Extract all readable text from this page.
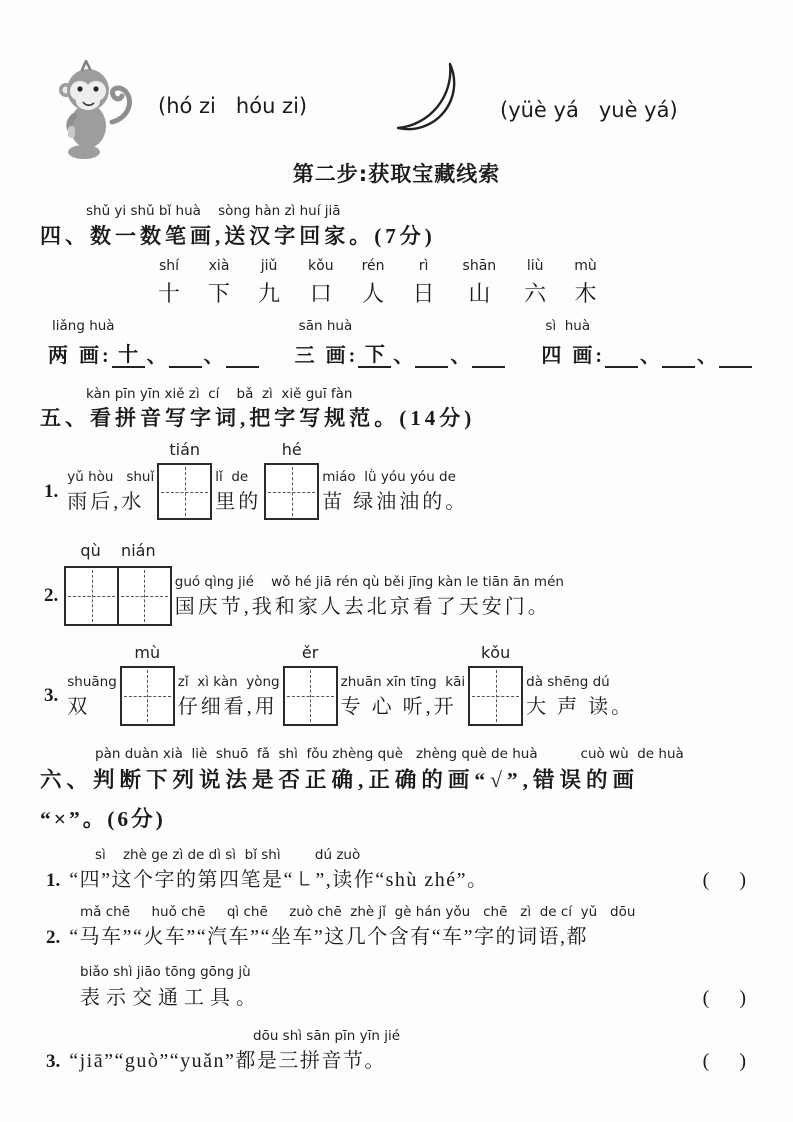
(hó zi   hóu zi)	(yüè yá   yuè yá)
第二步:获取宝藏线索
shǔ yi shǔ bǐ huà    sòng hàn zì huí jiā
四、数一数笔画,送汉字回家。(7分)
shí
十
xià
下
jiǔ
九
kǒu
口
rén
人
rì
日
shān
山
liù
六
mù
木
liǎng huà
两 画: 十 、 、
sān huà
三 画: 下 、 、
sì  huà
四 画: 、 、
kàn pīn yīn xiě zì  cí    bǎ  zì  xiě guī fàn
五、看拼音写字词,把字写规范。(14分)
1.
yǔ hòu   shuǐ
雨后,水
tián
lǐ  de
里的
hé
miáo  lǜ yóu yóu de
苗 绿油油的。
2.
qù    nián
guó qìng jié    wǒ hé jiā rén qù běi jīng kàn le tiān ān mén
国庆节,我和家人去北京看了天安门。
3.
shuāng
双
mù
zǐ  xì kàn  yòng
仔细看,用
ěr
zhuān xīn tīng  kāi
专 心 听,开
kǒu
dà shēng dú
大 声 读。
pàn duàn xià  liè  shuō  fǎ  shì  fǒu zhèng què   zhèng què de huà          cuò wù  de huà
六、判断下列说法是否正确,正确的画“√”,错误的画
“×”。(6分)
sì    zhè ge zì de dì sì  bǐ shì        dú zuò
1. “四”这个字的第四笔是“㇄”,读作“shù zhé”。	(      )
mǎ chē     huǒ chē     qì chē     zuò chē  zhè jǐ  gè hán yǒu   chē   zì  de cí  yǔ   dōu
2. “马车”“火车”“汽车”“坐车”这几个含有“车”字的词语,都
biǎo shì jiāo tōng gōng jù
表示交通工具。	(      )
dōu shì sān pīn yīn jié
3. “jiā”“guò”“yuǎn”都是三拼音节。	(      )
